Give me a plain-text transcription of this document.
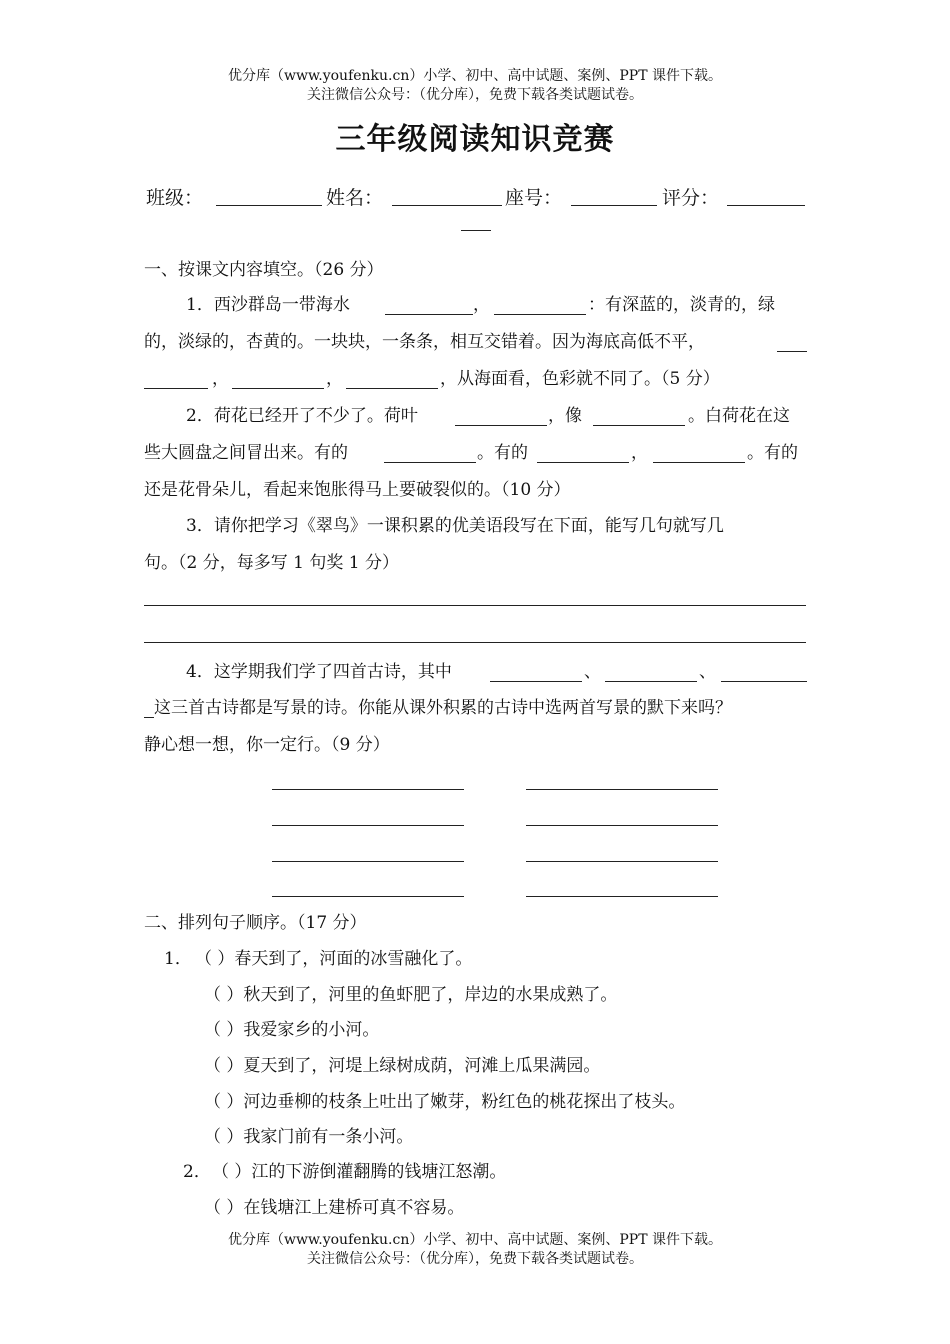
优分库（www.youfenku.cn）小学、初中、高中试题、案例、PPT 课件下载。
关注微信公众号：（优分库），免费下载各类试题试卷。
三年级阅读知识竞赛
班级：	姓名：	座号：	评分：
一、按课文内容填空。（26 分）
1．西沙群岛一带海水	，	：有深蓝的，淡青的，绿
的，淡绿的，杏黄的。一块块，一条条，相互交错着。因为海底高低不平，
，	，	，从海面看，色彩就不同了。（5 分）
2．荷花已经开了不少了。荷叶	，像	。白荷花在这
些大圆盘之间冒出来。有的	。有的	，	。有的
还是花骨朵儿，看起来饱胀得马上要破裂似的。（10 分）
3．请你把学习《翠鸟》一课积累的优美语段写在下面，能写几句就写几
句。（2 分，每多写 1 句奖 1 分）
4．这学期我们学了四首古诗，其中	、	、
这三首古诗都是写景的诗。你能从课外积累的古诗中选两首写景的默下来吗？
静心想一想，你一定行。（9 分）
二、排列句子顺序。（17 分）
1． （ ）春天到了，河面的冰雪融化了。
（ ）秋天到了，河里的鱼虾肥了，岸边的水果成熟了。
（ ）我爱家乡的小河。
（ ）夏天到了，河堤上绿树成荫，河滩上瓜果满园。
（ ）河边垂柳的枝条上吐出了嫩芽，粉红色的桃花探出了枝头。
（ ）我家门前有一条小河。
2． （ ）江的下游倒灌翻腾的钱塘江怒潮。
（ ）在钱塘江上建桥可真不容易。
优分库（www.youfenku.cn）小学、初中、高中试题、案例、PPT 课件下载。
关注微信公众号：（优分库），免费下载各类试题试卷。
